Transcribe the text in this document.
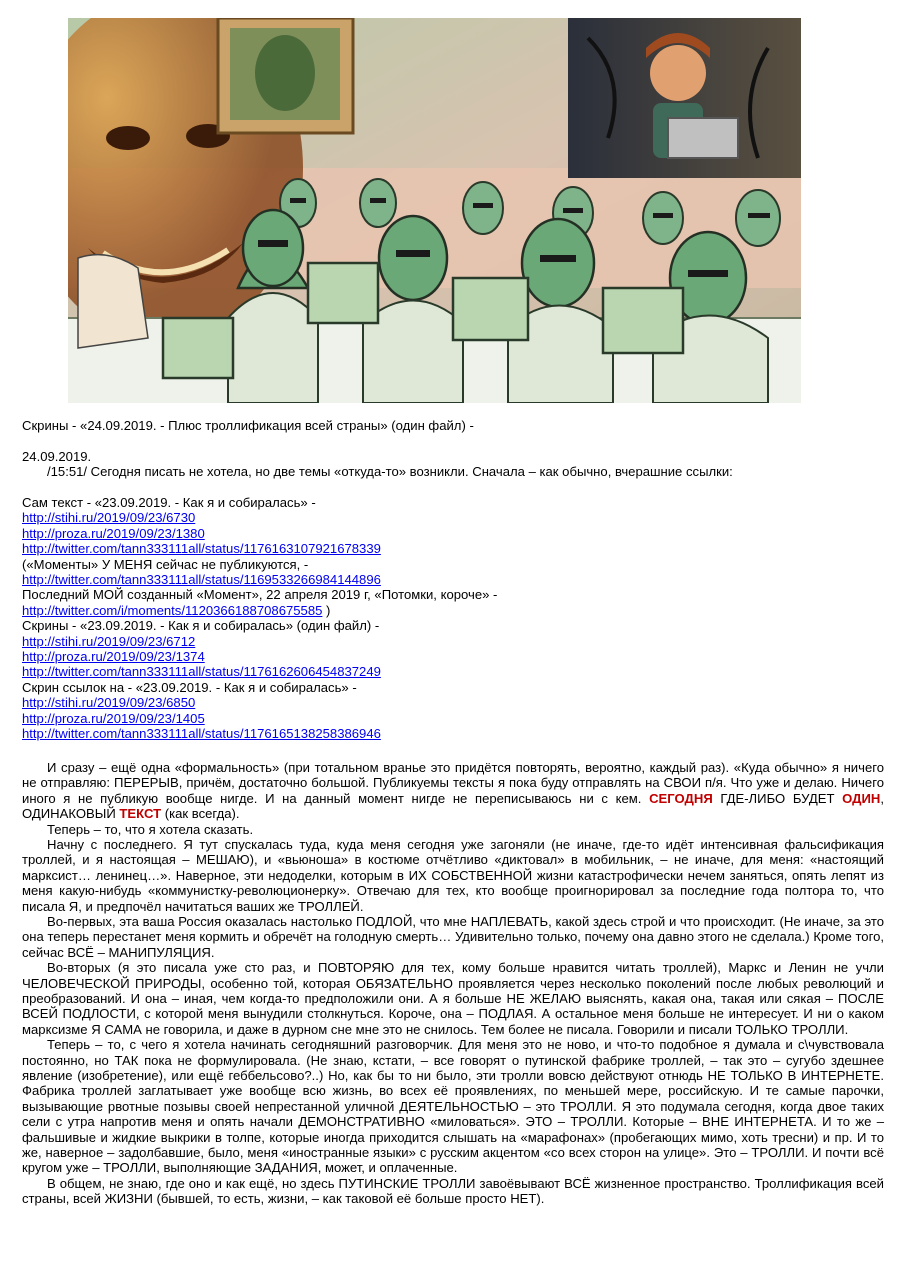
Скрины - «24.09.2019. - Плюс троллификация всей страны» (один файл) -
24.09.2019.
/15:51/ Сегодня писать не хотела, но две темы «откуда-то» возникли. Сначала – как обычно, вчерашние ссылки:
Сам текст - «23.09.2019. - Как я и собиралась» -
http://stihi.ru/2019/09/23/6730
http://proza.ru/2019/09/23/1380
http://twitter.com/tann333111all/status/1176163107921678339
(«Моменты» У МЕНЯ сейчас не публикуются, -
http://twitter.com/tann333111all/status/1169533266984144896
Последний МОЙ созданный «Момент», 22 апреля 2019 г, «Потомки, короче» -
http://twitter.com/i/moments/1120366188708675585 )
Скрины - «23.09.2019. - Как я и собиралась» (один файл) -
http://stihi.ru/2019/09/23/6712
http://proza.ru/2019/09/23/1374
http://twitter.com/tann333111all/status/1176162606454837249
Скрин ссылок на - «23.09.2019. - Как я и собиралась» -
http://stihi.ru/2019/09/23/6850
http://proza.ru/2019/09/23/1405
http://twitter.com/tann333111all/status/1176165138258386946

И сразу – ещё одна «формальность» (при тотальном вранье это придётся повторять, вероятно, каждый раз). «Куда обычно» я ничего не отправляю: ПЕРЕРЫВ, причём, достаточно большой. Публикуемы тексты я пока буду отправлять на СВОИ п/я. Что уже и делаю. Ничего иного я не публикую вообще нигде. И на данный момент нигде не переписываюсь ни с кем. СЕГОДНЯ ГДЕ-ЛИБО БУДЕТ ОДИН, ОДИНАКОВЫЙ ТЕКСТ (как всегда).

Теперь – то, что я хотела сказать.

Начну с последнего. Я тут спускалась туда, куда меня сегодня уже загоняли (не иначе, где-то идёт интенсивная фальсификация троллей, и я настоящая – МЕШАЮ), и «вьюноша» в костюме отчётливо «диктовал» в мобильник, – не иначе, для меня: «настоящий марксист… ленинец…». Наверное, эти недоделки, которым в ИХ СОБСТВЕННОЙ жизни катастрофически нечем заняться, опять лепят из меня какую-нибудь «коммунистку-революционерку». Отвечаю для тех, кто вообще проигнорировал за последние года полтора то, что писала Я, и предпочёл начитаться ваших же ТРОЛЛЕЙ.

Во-первых, эта ваша Россия оказалась настолько ПОДЛОЙ, что мне НАПЛЕВАТЬ, какой здесь строй и что происходит. (Не иначе, за это она теперь перестанет меня кормить и обречёт на голодную смерть… Удивительно только, почему она давно этого не сделала.) Кроме того, сейчас ВСЁ – МАНИПУЛЯЦИЯ.

Во-вторых (я это писала уже сто раз, и ПОВТОРЯЮ для тех, кому больше нравится читать троллей), Маркс и Ленин не учли ЧЕЛОВЕЧЕСКОЙ ПРИРОДЫ, особенно той, которая ОБЯЗАТЕЛЬНО проявляется через несколько поколений после любых революций и преобразований. И она – иная, чем когда-то предположили они. А я больше НЕ ЖЕЛАЮ выяснять, какая она, такая или сякая – ПОСЛЕ ВСЕЙ ПОДЛОСТИ, с которой меня вынудили столкнуться. Короче, она – ПОДЛАЯ. А остальное меня больше не интересует. И ни о каком марксизме Я САМА не говорила, и даже в дурном сне мне это не снилось. Тем более не писала. Говорили и писали ТОЛЬКО ТРОЛЛИ.

Теперь – то, с чего я хотела начинать сегодняшний разговорчик. Для меня это не ново, и что-то подобное я думала и с\чувствовала постоянно, но ТАК пока не формулировала. (Не знаю, кстати, – все говорят о путинской фабрике троллей, – так это – сугубо здешнее явление (изобретение), или ещё геббельсово?..) Но, как бы то ни было, эти тролли вовсю действуют отнюдь НЕ ТОЛЬКО В ИНТЕРНЕТЕ. Фабрика троллей заглатывает уже вообще всю жизнь, во всех её проявлениях, по меньшей мере, российскую. И те самые парочки, вызывающие рвотные позывы своей непрестанной уличной ДЕЯТЕЛЬНОСТЬЮ – это ТРОЛЛИ. Я это подумала сегодня, когда двое таких сели с утра напротив меня и опять начали ДЕМОНСТРАТИВНО «миловаться». ЭТО – ТРОЛЛИ. Которые – ВНЕ ИНТЕРНЕТА. И то же – фальшивые и жидкие выкрики в толпе, которые иногда приходится слышать на «марафонах» (пробегающих мимо, хоть тресни) и пр. И то же, наверное – задолбавшие, было, меня «иностранные языки» с русским акцентом «со всех сторон на улице». Это – ТРОЛЛИ. И почти всё кругом уже – ТРОЛЛИ, выполняющие ЗАДАНИЯ, может, и оплаченные.

В общем, не знаю, где оно и как ещё, но здесь ПУТИНСКИЕ ТРОЛЛИ завоёвывают ВСЁ жизненное пространство. Троллификация всей страны, всей ЖИЗНИ (бывшей, то есть, жизни, – как таковой её больше просто НЕТ).
